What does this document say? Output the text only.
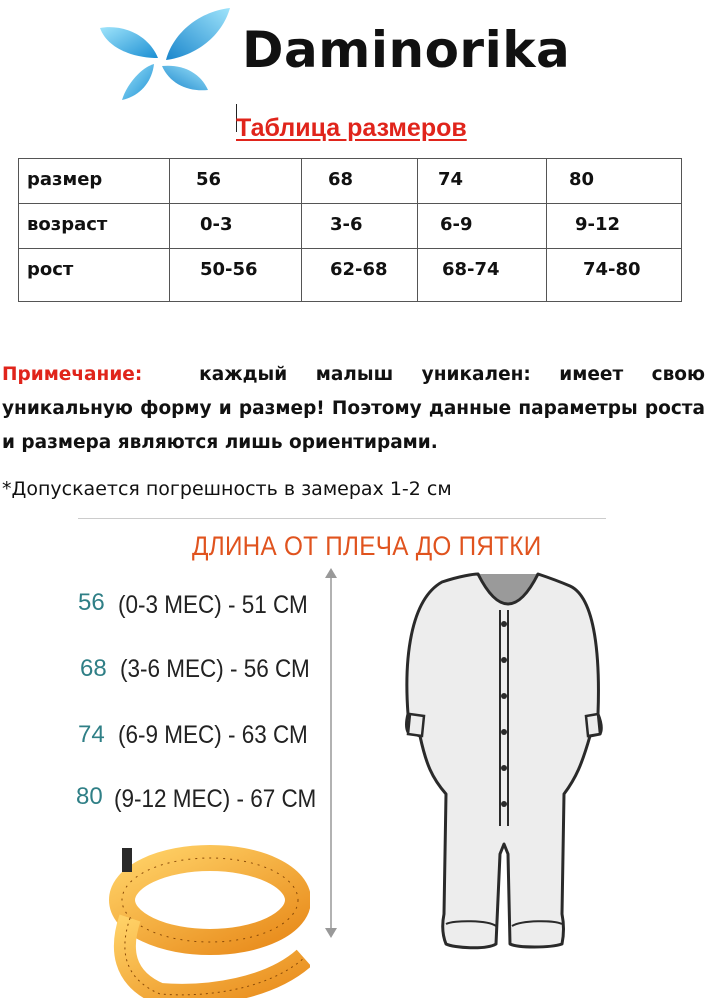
Daminorika
Таблица размеров
размер	56	68	74	80

возраст	0-3	3-6	6-9	9-12

рост	50-56	62-68	68-74	74-80
Примечание:	каждый малыш уникален: имеет свою уникальную форму и размер! Поэтому данные параметры роста и размера являются лишь ориентирами.
*Допускается погрешность в замерах 1-2 см
ДЛИНА ОТ ПЛЕЧА ДО ПЯТКИ
56 (0-3 МЕС) - 51 СМ
68 (3-6 МЕС) - 56 СМ
74 (6-9 МЕС) - 63 СМ
80 (9-12 МЕС) - 67 СМ
